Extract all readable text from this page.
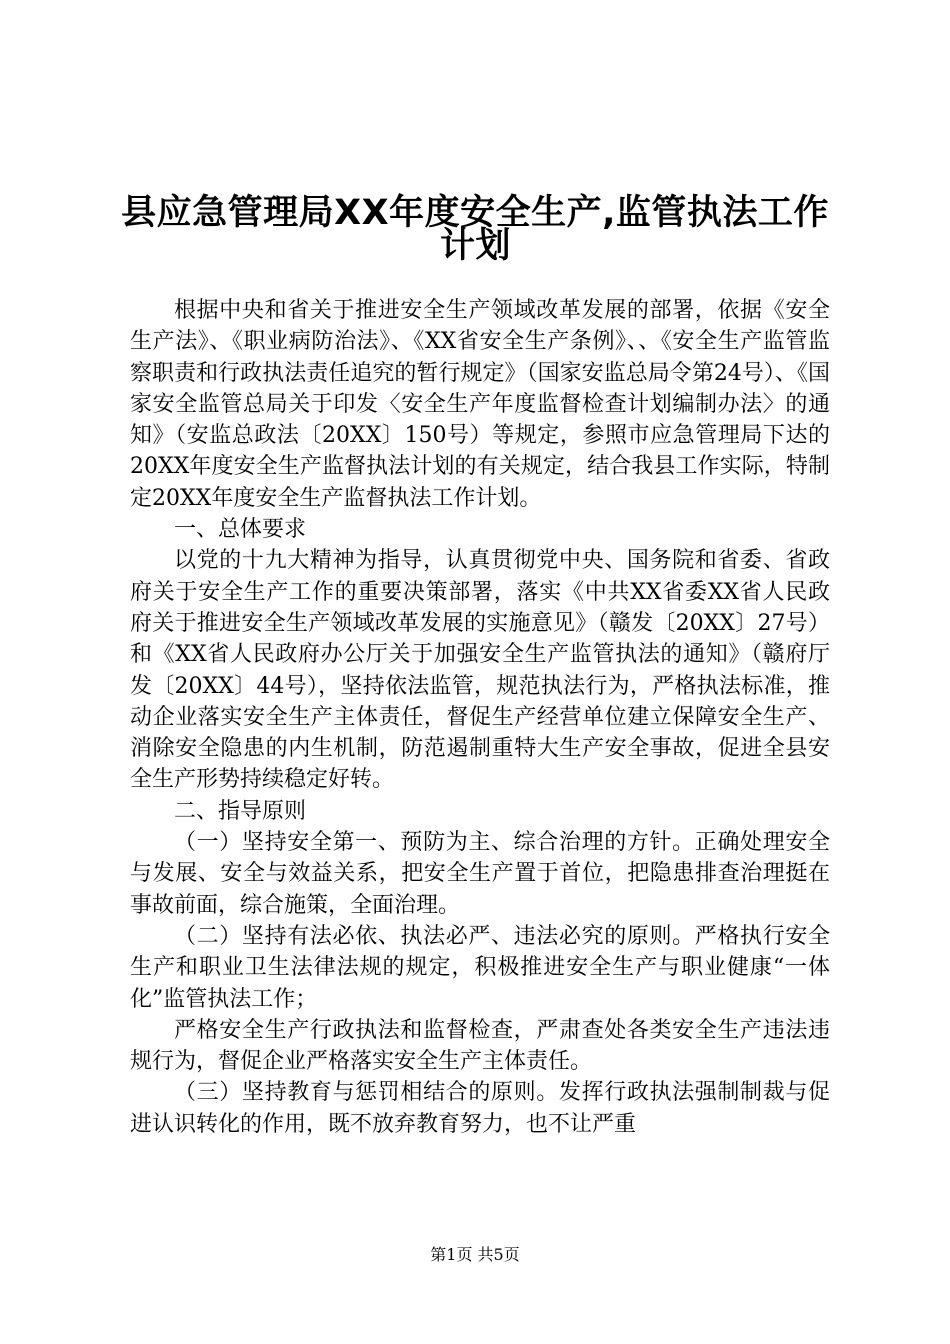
县应急管理局XX年度安全生产,监管执法工作
计划

根据中央和省关于推进安全生产领域改革发展的部署，依据《安全生产法》、《职业病防治法》、《XX省安全生产条例》、、《安全生产监管监察职责和行政执法责任追究的暂行规定》（国家安监总局令第24号）、《国家安全监管总局关于印发〈安全生产年度监督检查计划编制办法〉的通知》（安监总政法〔20XX〕150号）等规定，参照市应急管理局下达的20XX年度安全生产监督执法计划的有关规定，结合我县工作实际，特制定20XX年度安全生产监督执法工作计划。

一、总体要求

以党的十九大精神为指导，认真贯彻党中央、国务院和省委、省政府关于安全生产工作的重要决策部署，落实《中共XX省委XX省人民政府关于推进安全生产领域改革发展的实施意见》（赣发〔20XX〕27号）和《XX省人民政府办公厅关于加强安全生产监管执法的通知》（赣府厅发〔20XX〕44号），坚持依法监管，规范执法行为，严格执法标准，推动企业落实安全生产主体责任，督促生产经营单位建立保障安全生产、消除安全隐患的内生机制，防范遏制重特大生产安全事故，促进全县安全生产形势持续稳定好转。

二、指导原则

（一）坚持安全第一、预防为主、综合治理的方针。正确处理安全与发展、安全与效益关系，把安全生产置于首位，把隐患排查治理挺在事故前面，综合施策，全面治理。

（二）坚持有法必依、执法必严、违法必究的原则。严格执行安全生产和职业卫生法律法规的规定，积极推进安全生产与职业健康“一体化”监管执法工作；

严格安全生产行政执法和监督检查，严肃查处各类安全生产违法违规行为，督促企业严格落实安全生产主体责任。

（三）坚持教育与惩罚相结合的原则。发挥行政执法强制制裁与促进认识转化的作用，既不放弃教育努力，也不让严重

第1页 共5页
